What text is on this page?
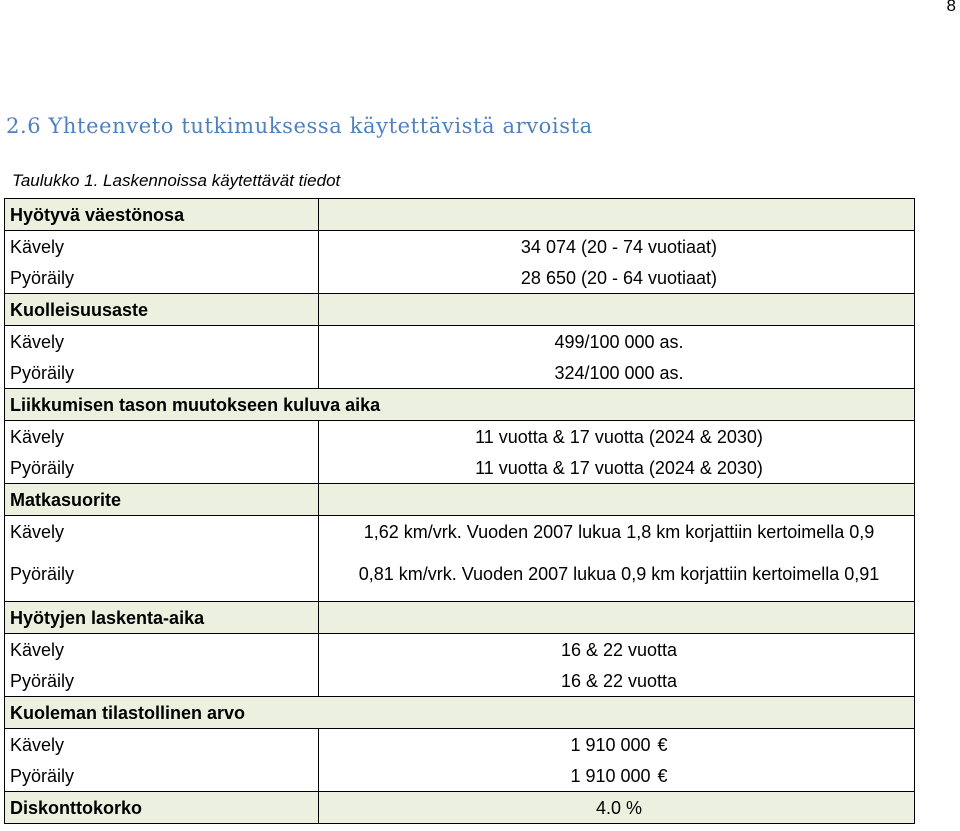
8
2.6 Yhteenveto tutkimuksessa käytettävistä arvoista
Taulukko 1. Laskennoissa käytettävät tiedot
Hyötyvä väestönosa	
Kävely	34 074 (20 - 74 vuotiaat)
Pyöräily	28 650 (20 - 64 vuotiaat)
Kuolleisuusaste	
Kävely	499/100 000 as.
Pyöräily	324/100 000 as.
Liikkumisen tason muutokseen kuluva aika	
Kävely	11 vuotta & 17 vuotta (2024 & 2030)
Pyöräily	11 vuotta & 17 vuotta (2024 & 2030)
Matkasuorite	
Kävely	1,62 km/vrk. Vuoden 2007 lukua 1,8 km korjattiin kertoimella 0,9
Pyöräily	0,81 km/vrk. Vuoden 2007 lukua 0,9 km korjattiin kertoimella 0,91
Hyötyjen laskenta-aika	
Kävely	16 & 22 vuotta
Pyöräily	16 & 22 vuotta
Kuoleman tilastollinen arvo	
Kävely	1 910 000 €
Pyöräily	1 910 000 €
Diskonttokorko	4.0 %
